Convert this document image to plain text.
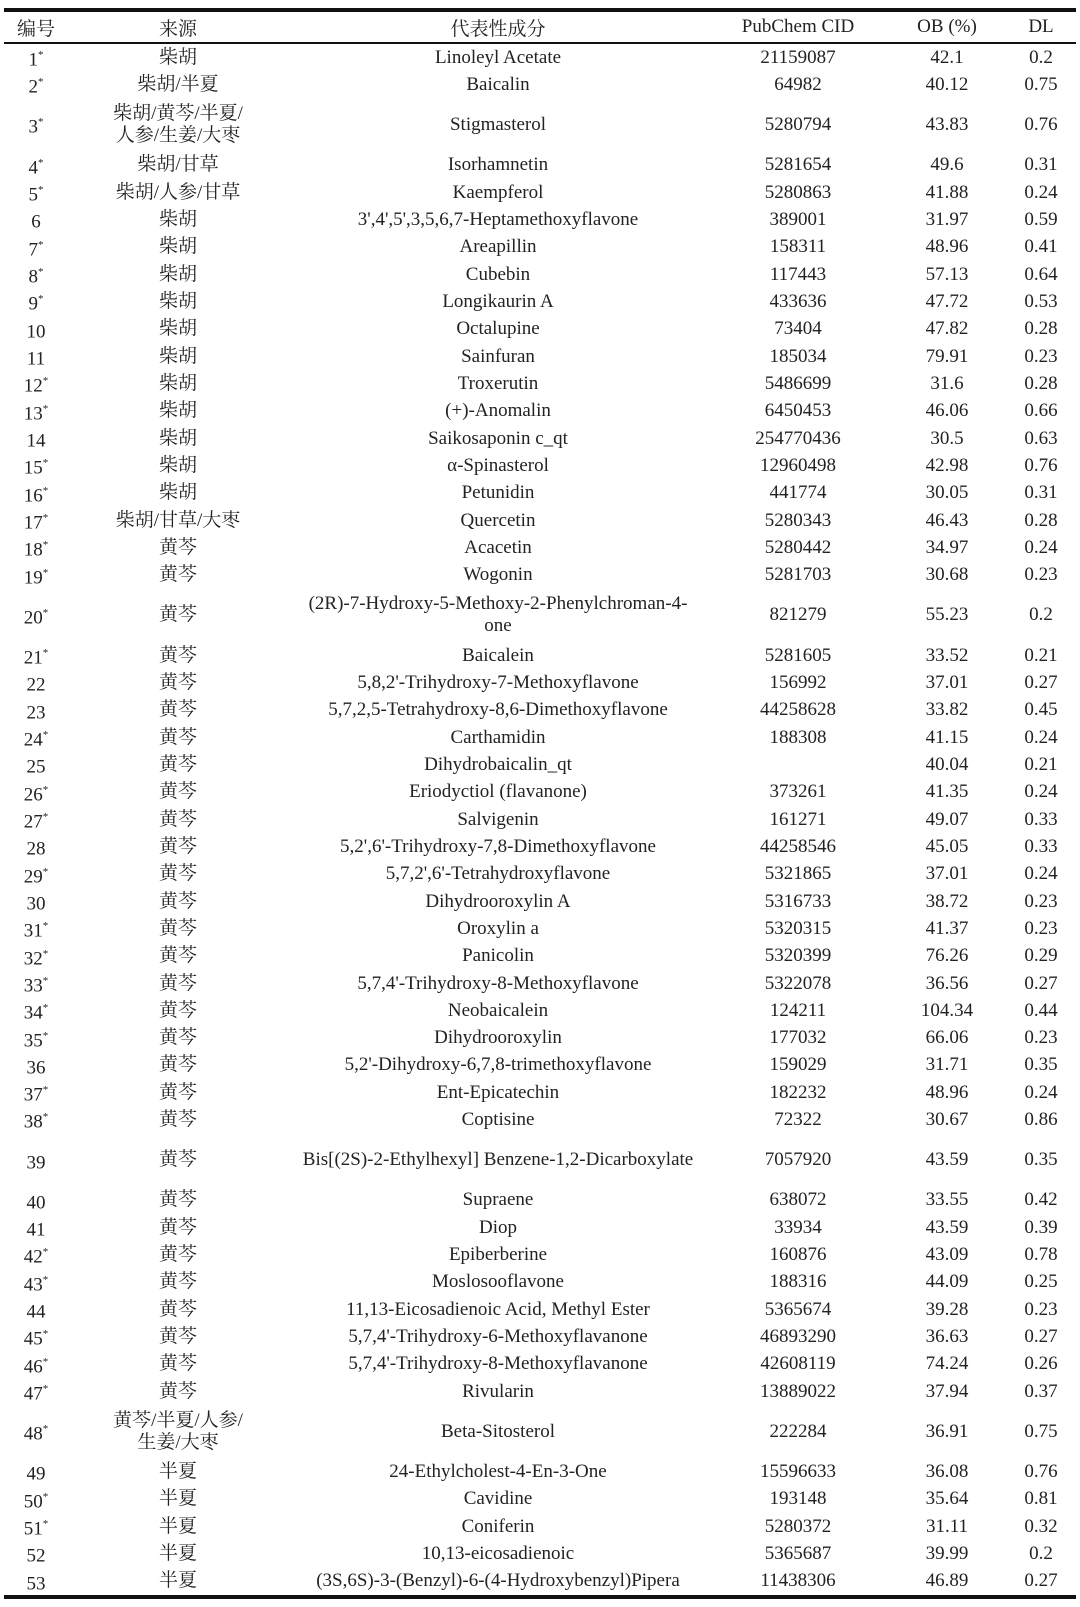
编号	来源	代表性成分	PubChem CID	OB (%)	DL
1*	柴胡	Linoleyl Acetate	21159087	42.1	0.2
2*	柴胡/半夏	Baicalin	64982	40.12	0.75
3*	柴胡/黄芩/半夏/人参/生姜/大枣	Stigmasterol	5280794	43.83	0.76
4*	柴胡/甘草	Isorhamnetin	5281654	49.6	0.31
5*	柴胡/人参/甘草	Kaempferol	5280863	41.88	0.24
6	柴胡	3',4',5',3,5,6,7-Heptamethoxyflavone	389001	31.97	0.59
7*	柴胡	Areapillin	158311	48.96	0.41
8*	柴胡	Cubebin	117443	57.13	0.64
9*	柴胡	Longikaurin A	433636	47.72	0.53
10	柴胡	Octalupine	73404	47.82	0.28
11	柴胡	Sainfuran	185034	79.91	0.23
12*	柴胡	Troxerutin	5486699	31.6	0.28
13*	柴胡	(+)-Anomalin	6450453	46.06	0.66
14	柴胡	Saikosaponin c_qt	254770436	30.5	0.63
15*	柴胡	α-Spinasterol	12960498	42.98	0.76
16*	柴胡	Petunidin	441774	30.05	0.31
17*	柴胡/甘草/大枣	Quercetin	5280343	46.43	0.28
18*	黄芩	Acacetin	5280442	34.97	0.24
19*	黄芩	Wogonin	5281703	30.68	0.23
20*	黄芩	(2R)-7-Hydroxy-5-Methoxy-2-Phenylchroman-4-one	821279	55.23	0.2
21*	黄芩	Baicalein	5281605	33.52	0.21
22	黄芩	5,8,2'-Trihydroxy-7-Methoxyflavone	156992	37.01	0.27
23	黄芩	5,7,2,5-Tetrahydroxy-8,6-Dimethoxyflavone	44258628	33.82	0.45
24*	黄芩	Carthamidin	188308	41.15	0.24
25	黄芩	Dihydrobaicalin_qt		40.04	0.21
26*	黄芩	Eriodyctiol (flavanone)	373261	41.35	0.24
27*	黄芩	Salvigenin	161271	49.07	0.33
28	黄芩	5,2',6'-Trihydroxy-7,8-Dimethoxyflavone	44258546	45.05	0.33
29*	黄芩	5,7,2',6'-Tetrahydroxyflavone	5321865	37.01	0.24
30	黄芩	Dihydrooroxylin A	5316733	38.72	0.23
31*	黄芩	Oroxylin a	5320315	41.37	0.23
32*	黄芩	Panicolin	5320399	76.26	0.29
33*	黄芩	5,7,4'-Trihydroxy-8-Methoxyflavone	5322078	36.56	0.27
34*	黄芩	Neobaicalein	124211	104.34	0.44
35*	黄芩	Dihydrooroxylin	177032	66.06	0.23
36	黄芩	5,2'-Dihydroxy-6,7,8-trimethoxyflavone	159029	31.71	0.35
37*	黄芩	Ent-Epicatechin	182232	48.96	0.24
38*	黄芩	Coptisine	72322	30.67	0.86
39	黄芩	Bis[(2S)-2-Ethylhexyl] Benzene-1,2-Dicarboxylate	7057920	43.59	0.35
40	黄芩	Supraene	638072	33.55	0.42
41	黄芩	Diop	33934	43.59	0.39
42*	黄芩	Epiberberine	160876	43.09	0.78
43*	黄芩	Moslosooflavone	188316	44.09	0.25
44	黄芩	11,13-Eicosadienoic Acid, Methyl Ester	5365674	39.28	0.23
45*	黄芩	5,7,4'-Trihydroxy-6-Methoxyflavanone	46893290	36.63	0.27
46*	黄芩	5,7,4'-Trihydroxy-8-Methoxyflavanone	42608119	74.24	0.26
47*	黄芩	Rivularin	13889022	37.94	0.37
48*	黄芩/半夏/人参/生姜/大枣	Beta-Sitosterol	222284	36.91	0.75
49	半夏	24-Ethylcholest-4-En-3-One	15596633	36.08	0.76
50*	半夏	Cavidine	193148	35.64	0.81
51*	半夏	Coniferin	5280372	31.11	0.32
52	半夏	10,13-eicosadienoic	5365687	39.99	0.2
53	半夏	(3S,6S)-3-(Benzyl)-6-(4-Hydroxybenzyl)Pipera	11438306	46.89	0.27
